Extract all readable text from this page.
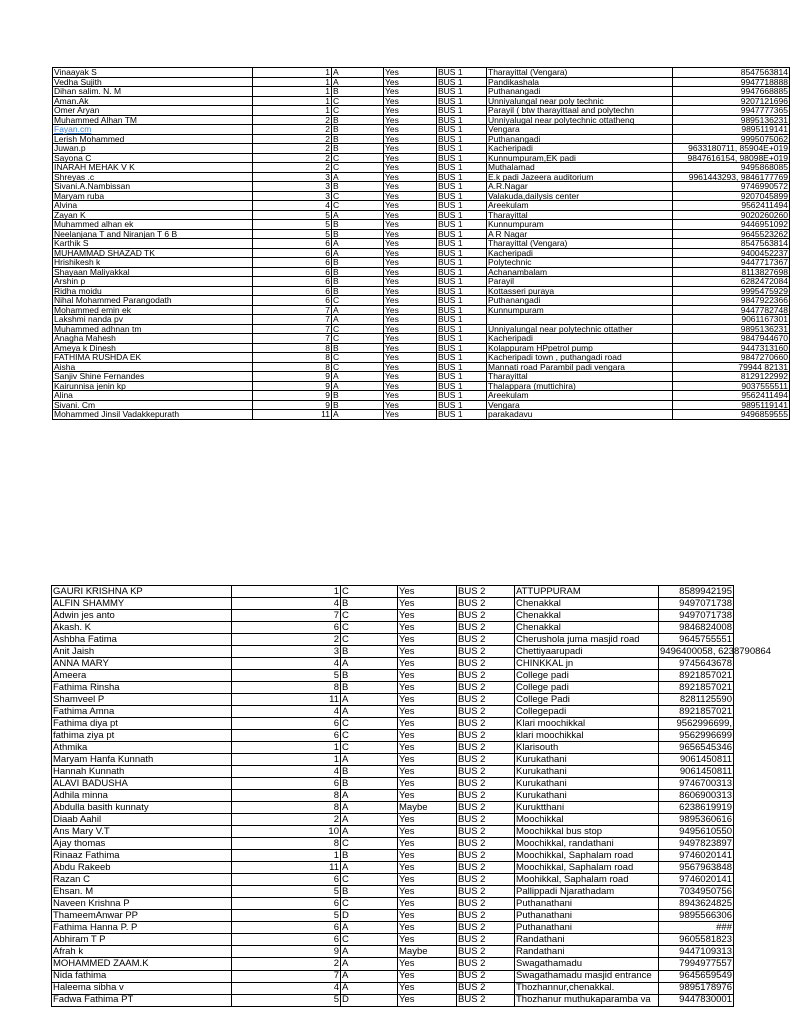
Vinaayak S	1	A	Yes	BUS 1	Tharayittal (Vengara)	8547563814
Vedha Sujith	1	A	Yes	BUS 1	Pandikashala	9947718888
Dihan salim. N. M	1	B	Yes	BUS 1	Puthanangadi	9947668885
Aman.Ak	1	C	Yes	BUS 1	Unniyalungal near poly technic	9207121696
Omer Aryan	1	C	Yes	BUS 1	Parayil ( btw tharayittaal and polytechn	9947777365
Muhammed Alhan TM	2	B	Yes	BUS 1	Unniyalugal near polytechnic ottathenq	9895136231
Fayan.cm	2	B	Yes	BUS 1	Vengara	9895119141
Lerish Mohammed	2	B	Yes	BUS 1	Puthanangadi	9995075062
Juwan.p	2	B	Yes	BUS 1	Kacheripadi	9633180711, 85904E+019
Sayona C	2	C	Yes	BUS 1	Kunnumpuram,EK padi	9847616154, 98098E+019
INARAH MEHAK V K	2	C	Yes	BUS 1	Muthalamad	9495868085
Shreyas .c	3	A	Yes	BUS 1	E.k padi Jazeera auditorium	9961443293, 9846177769
Sivani.A.Nambissan	3	B	Yes	BUS 1	A.R.Nagar	9746990572
Maryam ruba	3	C	Yes	BUS 1	Valakuda,dailysis center	9207045899
Alvina	4	C	Yes	BUS 1	Areekulam	9562411494
Zayan K	5	A	Yes	BUS 1	Tharayittal	9020260260
Muhammed alhan ek	5	B	Yes	BUS 1	Kunnumpuram	9446951092
Neelanjana T and Niranjan T 6 B	5	B	Yes	BUS 1	A R Nagar	9645523262
Karthik S	6	A	Yes	BUS 1	Tharayittal (Vengara)	8547563814
MUHAMMAD SHAZAD TK	6	A	Yes	BUS 1	Kacheripadi	9400452237
Hrishikesh k	6	B	Yes	BUS 1	Polytechnic	9447717367
Shayaan Maliyakkal	6	B	Yes	BUS 1	Achanambalam	8113827698
Arshin p	6	B	Yes	BUS 1	Parayil	6282472084
Ridha moidu	6	B	Yes	BUS 1	Kottasseri puraya	9995475929
Nihal Mohammed Parangodath	6	C	Yes	BUS 1	Puthanangadi	9847922366
Mohammed emin ek	7	A	Yes	BUS 1	Kunnumpuram	9447782748
Lakshmi nanda pv	7	A	Yes	BUS 1		9061167301
Muhammed adhnan tm	7	C	Yes	BUS 1	Unniyalungal near polytechnic ottather	9895136231
Anagha Mahesh	7	C	Yes	BUS 1	Kacheripadi	9847944670
Ameya k Dinesh	8	B	Yes	BUS 1	Kolappuram HPpetrol pump	9447313160
FATHIMA RUSHDA EK	8	C	Yes	BUS 1	Kacheripadi town , puthangadi road	9847270660
Aisha	8	C	Yes	BUS 1	Mannati road Parambil padi vengara	79944 82131
Sanjiv Shine Fernandes	9	A	Yes	BUS 1	Tharayittal	8129122992
Kairunnisa jenin kp	9	A	Yes	BUS 1	Thalappara (muttichira)	9037555511
Alina	9	B	Yes	BUS 1	Areekulam	9562411494
Sivani. Cm	9	B	Yes	BUS 1	Vengara	9895119141
Mohammed Jinsil Vadakkepurath	11	A	Yes	BUS 1	parakadavu	9496859555
GAURI KRISHNA KP	1	C	Yes	BUS 2	ATTUPPURAM	8589942195
ALFIN SHAMMY	4	B	Yes	BUS 2	Chenakkal	9497071738
Adwin jes anto	7	C	Yes	BUS 2	Chenakkal	9497071738
Akash. K	6	C	Yes	BUS 2	Chenakkal	9846824008
Ashbha Fatima	2	C	Yes	BUS 2	Cherushola juma masjid road	9645755551
Anit Jaish	3	B	Yes	BUS 2	Chettiyaarupadi	9496400058, 6238790864
ANNA MARY	4	A	Yes	BUS 2	CHINKKAL jn	9745643678
Ameera	5	B	Yes	BUS 2	College padi	8921857021
Fathima Rinsha	8	B	Yes	BUS 2	College padi	8921857021
Shamveel P	11	A	Yes	BUS 2	College Padi	8281125590
Fathima Amna	4	A	Yes	BUS 2	Collegepadi	8921857021
Fathima diya pt	6	C	Yes	BUS 2	Klari moochikkal	9562996699,
fathima ziya pt	6	C	Yes	BUS 2	klari moochikkal	9562996699
Athmika	1	C	Yes	BUS 2	Klarisouth	9656545346
Maryam Hanfa Kunnath	1	A	Yes	BUS 2	Kurukathani	9061450811
Hannah Kunnath	4	B	Yes	BUS 2	Kurukathani	9061450811
ALAVI BADUSHA	6	B	Yes	BUS 2	Kurukathani	9746700313
Adhila minna	8	A	Yes	BUS 2	Kurukathani	8606900313
Abdulla basith kunnaty	8	A	Maybe	BUS 2	Kuruktthani	6238619919
Diaab Aahil	2	A	Yes	BUS 2	Moochikkal	9895360616
Ans Mary V.T	10	A	Yes	BUS 2	Moochikkal bus stop	9495610550
Ajay thomas	8	C	Yes	BUS 2	Moochikkal, randathani	9497823897
Rinaaz Fathima	1	B	Yes	BUS 2	Moochikkal, Saphalam road	9746020141
Abdu Rakeeb	11	A	Yes	BUS 2	Moochikkal, Saphalam road	9567963848
Razan C	6	C	Yes	BUS 2	Moohikkal, Saphalam road	9746020141
Ehsan. M	5	B	Yes	BUS 2	Pallippadi Njarathadam	7034950756
Naveen Krishna P	6	C	Yes	BUS 2	Puthanathani	8943624825
ThameemAnwar PP	5	D	Yes	BUS 2	Puthanathani	9895566306
Fathima Hanna P. P	6	A	Yes	BUS 2	Puthanathani	###
Abhiram T P	6	C	Yes	BUS 2	Randathani	9605581823
Afrah k	9	A	Maybe	BUS 2	Randathani	9447109313
MOHAMMED ZAAM.K	2	A	Yes	BUS 2	Swagathamadu	7994977557
Nida fathima	7	A	Yes	BUS 2	Swagathamadu masjid entrance	9645659549
Haleema sibha v	4	A	Yes	BUS 2	Thozhannur,chenakkal.	9895178976
Fadwa Fathima PT	5	D	Yes	BUS 2	Thozhanur muthukaparamba va	9447830001
